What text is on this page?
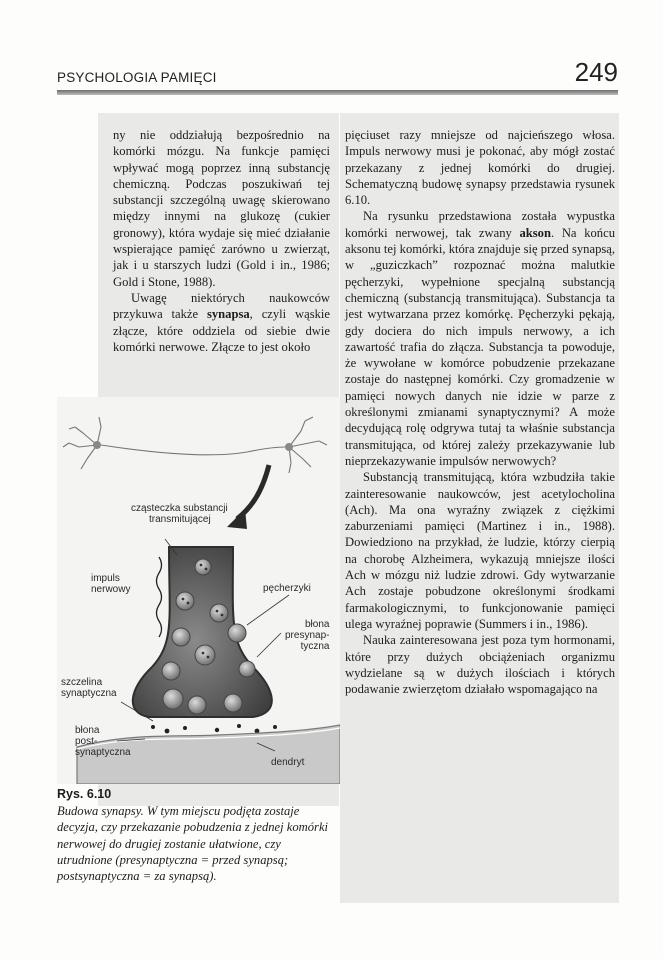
PSYCHOLOGIA PAMIĘCI	249

ny nie oddziałują bezpośrednio na komórki mózgu. Na funkcje pamięci wpływać mogą poprzez inną substancję chemiczną. Podczas poszukiwań tej substancji szczególną uwagę skierowano między innymi na glukozę (cukier gronowy), która wydaje się mieć działanie wspierające pamięć zarówno u zwierząt, jak i u starszych ludzi (Gold i in., 1986; Gold i Stone, 1988).

Uwagę niektórych naukowców przykuwa także synapsa, czyli wąskie złącze, które oddziela od siebie dwie komórki nerwowe. Złącze to jest około

pięciuset razy mniejsze od najcieńszego włosa. Impuls nerwowy musi je pokonać, aby mógł zostać przekazany z jednej komórki do drugiej. Schematyczną budowę synapsy przedstawia rysunek 6.10.

Na rysunku przedstawiona została wypustka komórki nerwowej, tak zwany akson. Na końcu aksonu tej komórki, która znajduje się przed synapsą, w „guziczkach” rozpoznać można malutkie pęcherzyki, wypełnione specjalną substancją chemiczną (substancją transmitująca). Substancja ta jest wytwarzana przez komórkę. Pęcherzyki pękają, gdy dociera do nich impuls nerwowy, a ich zawartość trafia do złącza. Substancja ta powoduje, że wywołane w komórce pobudzenie przekazane zostaje do następnej komórki. Czy gromadzenie w pamięci nowych danych nie idzie w parze z określonymi zmianami synaptycznymi? A może decydującą rolę odgrywa tutaj ta właśnie substancja transmitująca, od której zależy przekazywanie lub nieprzekazywanie impulsów nerwowych?

Substancją transmitującą, która wzbudziła takie zainteresowanie naukowców, jest acetylocholina (Ach). Ma ona wyraźny związek z ciężkimi zaburzeniami pamięci (Martinez i in., 1988). Dowiedziono na przykład, że ludzie, którzy cierpią na chorobę Alzheimera, wykazują mniejsze ilości Ach w mózgu niż ludzie zdrowi. Gdy wytwarzanie Ach zostaje pobudzone określonymi środkami farmakologicznymi, to funkcjonowanie pamięci ulega wyraźnej poprawie (Summers i in., 1986).

Nauka zainteresowana jest poza tym hormonami, które przy dużych obciążeniach organizmu wydzielane są w dużych ilościach i których podawanie zwierzętom działało wspomagająco na

cząsteczka substancji
transmitującej
impuls
nerwowy	pęcherzyki
błona
presynap-
tyczna
szczelina
synaptyczna
błona
post-
synaptyczna
dendryt
Rys. 6.10
Budowa synapsy. W tym miejscu podjęta zostaje decyzja, czy przekazanie pobudzenia z jednej komórki nerwowej do drugiej zostanie ułatwione, czy utrudnione (presynaptyczna = przed synapsą; postsynaptyczna = za synapsą).
